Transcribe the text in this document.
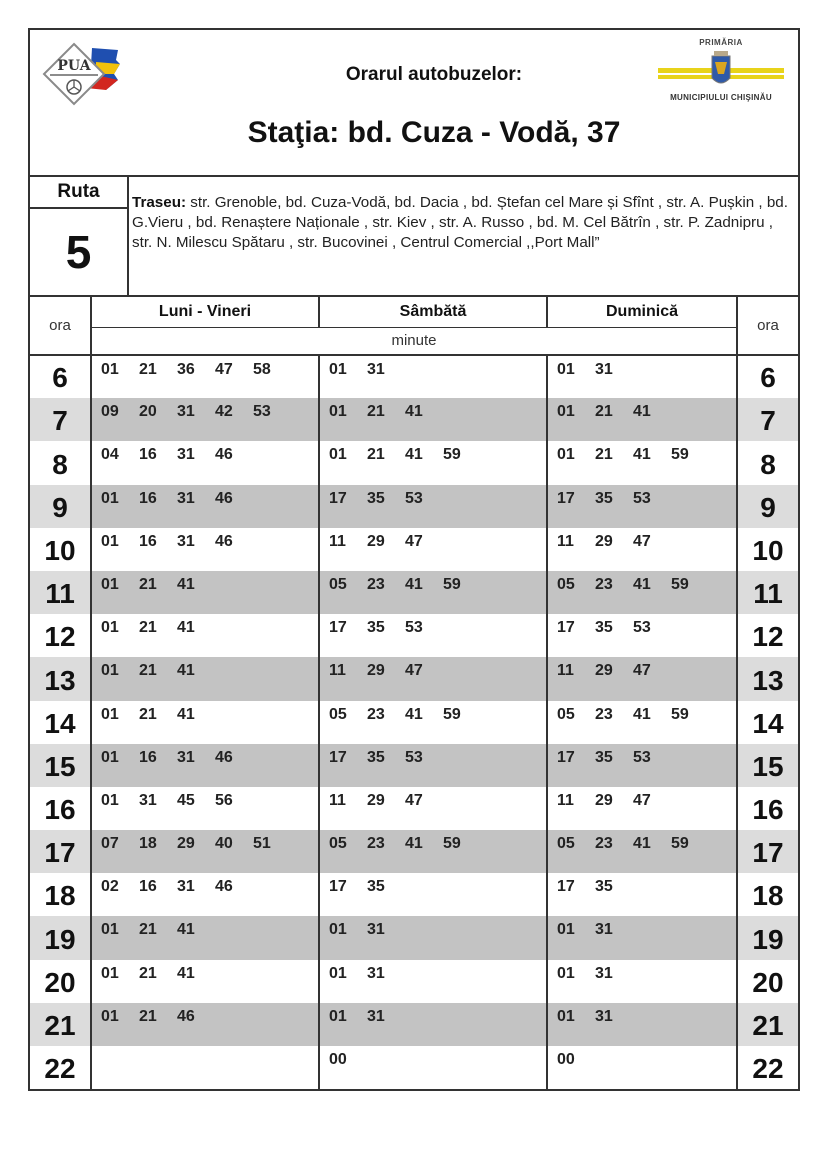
PUA	Orarul autobuzelor:
Staţia: bd. Cuza - Vodă, 37
PRIMĂRIA
MUNICIPIULUI CHIŞINĂU
Ruta
5
Traseu: str. Grenoble, bd. Cuza-Vodă, bd. Dacia , bd. Ștefan cel Mare și Sfînt , str. A. Pușkin , bd. G.Vieru , bd. Renaștere Naționale , str. Kiev , str. A. Russo , bd. M. Cel Bătrîn , str. P. Zadnipru , str. N. Milescu Spătaru , str. Bucovinei , Centrul Comercial ,,Port Mall”
ora	Luni - Vineri	Sâmbătă	Duminică	ora
	minute			
6	01 21 36 47 58	01 31	01 31	6
7	09 20 31 42 53	01 21 41	01 21 41	7
8	04 16 31 46	01 21 41 59	01 21 41 59	8
9	01 16 31 46	17 35 53	17 35 53	9
10	01 16 31 46	11 29 47	11 29 47	10
11	01 21 41	05 23 41 59	05 23 41 59	11
12	01 21 41	17 35 53	17 35 53	12
13	01 21 41	11 29 47	11 29 47	13
14	01 21 41	05 23 41 59	05 23 41 59	14
15	01 16 31 46	17 35 53	17 35 53	15
16	01 31 45 56	11 29 47	11 29 47	16
17	07 18 29 40 51	05 23 41 59	05 23 41 59	17
18	02 16 31 46	17 35	17 35	18
19	01 21 41	01 31	01 31	19
20	01 21 41	01 31	01 31	20
21	01 21 46	01 31	01 31	21
22		00	00	22
